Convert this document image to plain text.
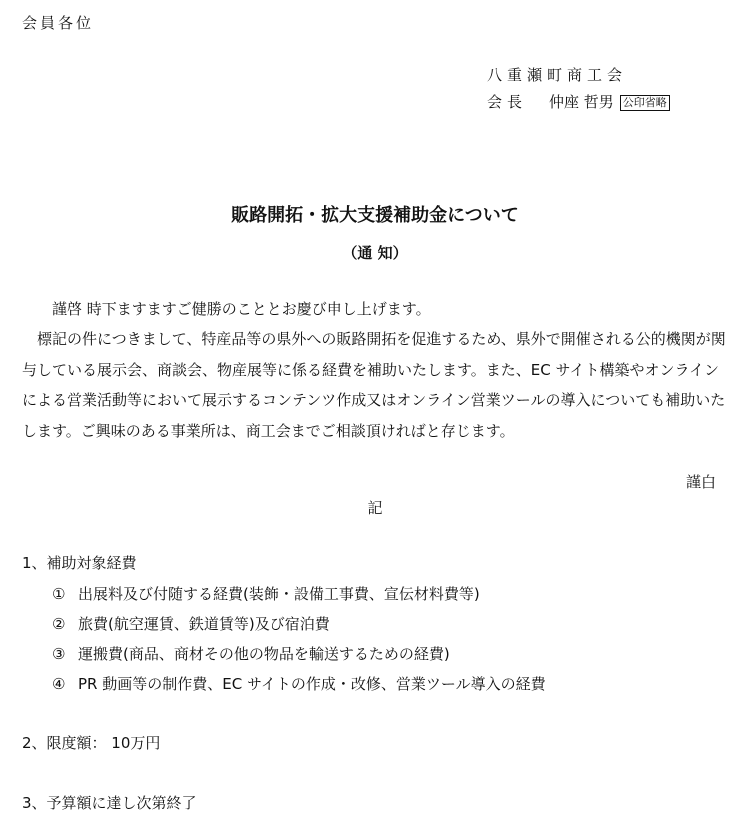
会員各位
八重瀬町商工会
会長 仲座 哲男 公印省略
販路開拓・拡大支援補助金について
（通 知）

謹啓 時下ますますご健勝のこととお慶び申し上げます。

標記の件につきまして、特産品等の県外への販路開拓を促進するため、県外で開催される公的機関が関与している展示会、商談会、物産展等に係る経費を補助いたします。また、EC サイト構築やオンラインによる営業活動等において展示するコンテンツ作成又はオンライン営業ツールの導入についても補助いたします。ご興味のある事業所は、商工会までご相談頂ければと存じます。

謹白
記
1、補助対象経費
① 出展料及び付随する経費(装飾・設備工事費、宣伝材料費等)
② 旅費(航空運賃、鉄道賃等)及び宿泊費
③ 運搬費(商品、商材その他の物品を輸送するための経費)
④ PR 動画等の制作費、EC サイトの作成・改修、営業ツール導入の経費
2、限度額： 10万円
3、予算額に達し次第終了
